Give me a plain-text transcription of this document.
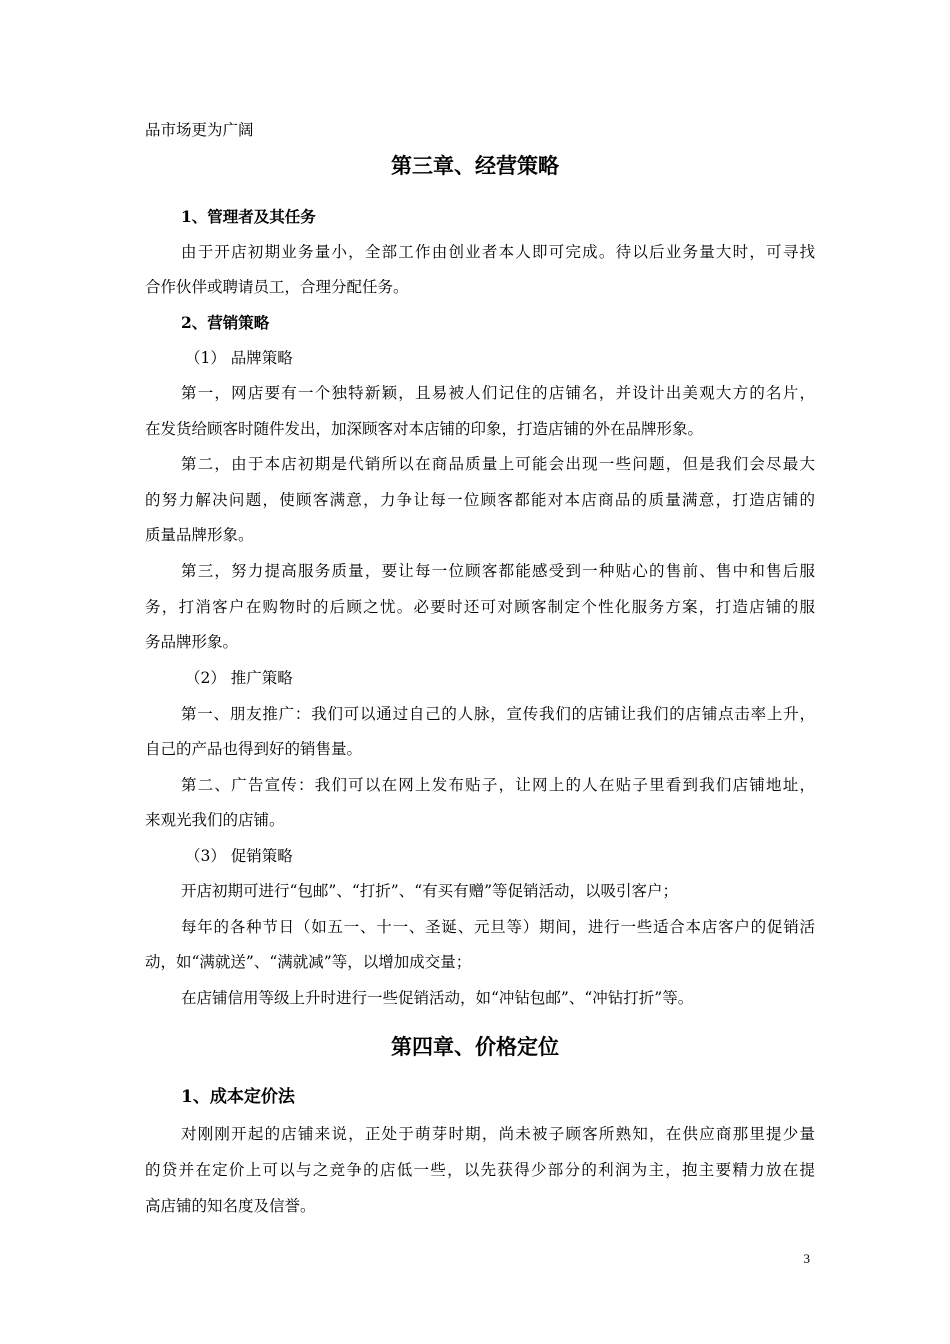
品市场更为广阔
第三章、经营策略
1、管理者及其任务
由于开店初期业务量小，全部工作由创业者本人即可完成。待以后业务量大时，可寻找
合作伙伴或聘请员工，合理分配任务。
2、营销策略
（1） 品牌策略
第一，网店要有一个独特新颖，且易被人们记住的店铺名，并设计出美观大方的名片，
在发货给顾客时随件发出，加深顾客对本店铺的印象，打造店铺的外在品牌形象。
第二，由于本店初期是代销所以在商品质量上可能会出现一些问题，但是我们会尽最大
的努力解决问题，使顾客满意，力争让每一位顾客都能对本店商品的质量满意，打造店铺的
质量品牌形象。
第三，努力提高服务质量，要让每一位顾客都能感受到一种贴心的售前、售中和售后服
务，打消客户在购物时的后顾之忧。必要时还可对顾客制定个性化服务方案，打造店铺的服
务品牌形象。
（2） 推广策略
第一、朋友推广：我们可以通过自己的人脉，宣传我们的店铺让我们的店铺点击率上升，
自己的产品也得到好的销售量。
第二、广告宣传：我们可以在网上发布贴子，让网上的人在贴子里看到我们店铺地址，
来观光我们的店铺。
（3） 促销策略
开店初期可进行“包邮”、“打折”、“有买有赠”等促销活动，以吸引客户；
每年的各种节日（如五一、十一、圣诞、元旦等）期间，进行一些适合本店客户的促销活
动，如“满就送”、“满就减”等，以增加成交量；
在店铺信用等级上升时进行一些促销活动，如“冲钻包邮”、“冲钻打折”等。
第四章、价格定位
1、成本定价法
对刚刚开起的店铺来说，正处于萌芽时期，尚未被子顾客所熟知，在供应商那里提少量
的贷并在定价上可以与之竞争的店低一些，以先获得少部分的利润为主，抱主要精力放在提
高店铺的知名度及信誉。
3
